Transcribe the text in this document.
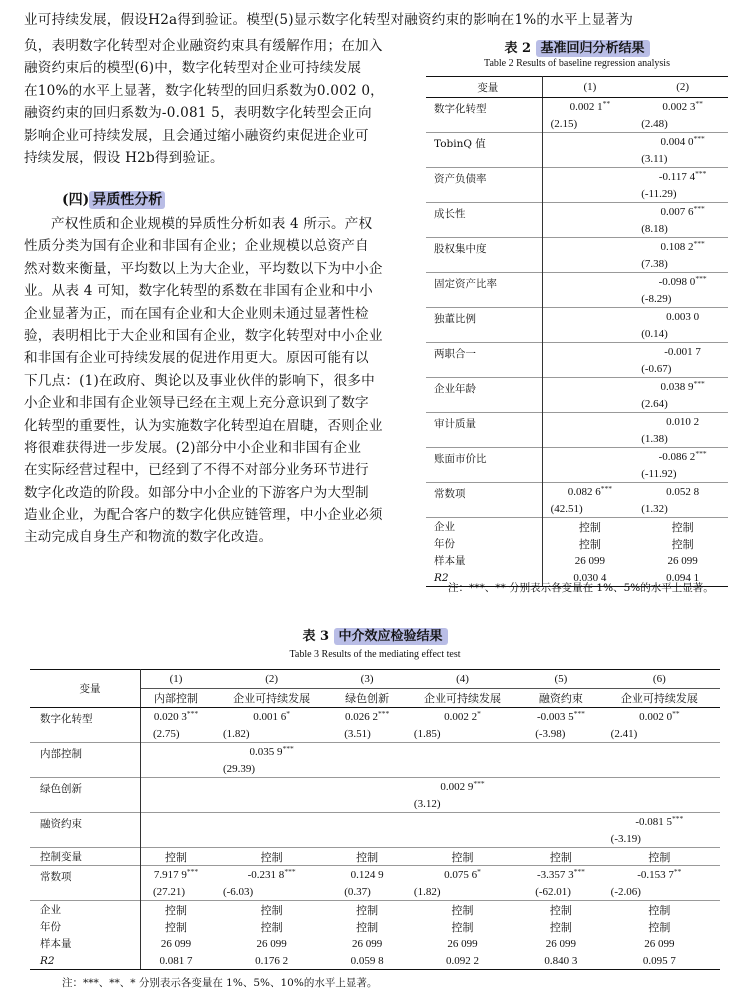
业可持续发展，假设H2a得到验证。模型(5)显示数字化转型对融资约束的影响在1%的水平上显著为
负，表明数字化转型对企业融资约束具有缓解作用；在加入
融资约束后的模型(6)中，数字化转型对企业可持续发展
在10%的水平上显著，数字化转型的回归系数为0.002 0，
融资约束的回归系数为-0.081 5，表明数字化转型会正向
影响企业可持续发展，且会通过缩小融资约束促进企业可
持续发展，假设 H2b得到验证。
(四) 异质性分析
产权性质和企业规模的异质性分析如表 4 所示。产权
性质分类为国有企业和非国有企业；企业规模以总资产自
然对数来衡量，平均数以上为大企业，平均数以下为中小企
业。从表 4 可知，数字化转型的系数在非国有企业和中小
企业显著为正，而在国有企业和大企业则未通过显著性检
验，表明相比于大企业和国有企业，数字化转型对中小企业
和非国有企业可持续发展的促进作用更大。原因可能有以
下几点：(1)在政府、舆论以及事业伙伴的影响下，很多中
小企业和非国有企业领导已经在主观上充分意识到了数字
化转型的重要性，认为实施数字化转型迫在眉睫，否则企业
将很难获得进一步发展。(2)部分中小企业和非国有企业
在实际经营过程中，已经到了不得不对部分业务环节进行
数字化改造的阶段。如部分中小企业的下游客户为大型制
造业企业，为配合客户的数字化供应链管理，中小企业必须
主动完成自身生产和物流的数字化改造。
表 2 基准回归分析结果
Table 2 Results of baseline regression analysis
变量	(1)	(2)
数字化转型	0.002 1**	0.002 3**
	(2.15)	(2.48)
TobinQ 值		0.004 0***
		(3.11)
资产负债率		-0.117 4***
		(-11.29)
成长性		0.007 6***
		(8.18)
股权集中度		0.108 2***
		(7.38)
固定资产比率		-0.098 0***
		(-8.29)
独董比例		0.003 0
		(0.14)
两职合一		-0.001 7
		(-0.67)
企业年龄		0.038 9***
		(2.64)
审计质量		0.010 2
		(1.38)
账面市价比		-0.086 2***
		(-11.92)
常数项	0.082 6***	0.052 8
	(42.51)	(1.32)
企业	控制	控制
年份	控制	控制
样本量	26 099	26 099
R2	0.030 4	0.094 1
注：***、** 分别表示各变量在 1%、5%的水平上显著。
表 3 中介效应检验结果
Table 3 Results of the mediating effect test
变量	(1)	(2)	(3)	(4)	(5)	(6)
	内部控制	企业可持续发展	绿色创新	企业可持续发展	融资约束	企业可持续发展
数字化转型	0.020 3***	0.001 6*	0.026 2***	0.002 2*	-0.003 5***	0.002 0**
	(2.75)	(1.82)	(3.51)	(1.85)	(-3.98)	(2.41)
内部控制		0.035 9***				
		(29.39)				
绿色创新				0.002 9***		
				(3.12)		
融资约束						-0.081 5***
						(-3.19)
控制变量	控制	控制	控制	控制	控制	控制
常数项	7.917 9***	-0.231 8***	0.124 9	0.075 6*	-3.357 3***	-0.153 7**
	(27.21)	(-6.03)	(0.37)	(1.82)	(-62.01)	(-2.06)
企业	控制	控制	控制	控制	控制	控制
年份	控制	控制	控制	控制	控制	控制
样本量	26 099	26 099	26 099	26 099	26 099	26 099
R2	0.081 7	0.176 2	0.059 8	0.092 2	0.840 3	0.095 7
注：***、**、* 分别表示各变量在 1%、5%、10%的水平上显著。
